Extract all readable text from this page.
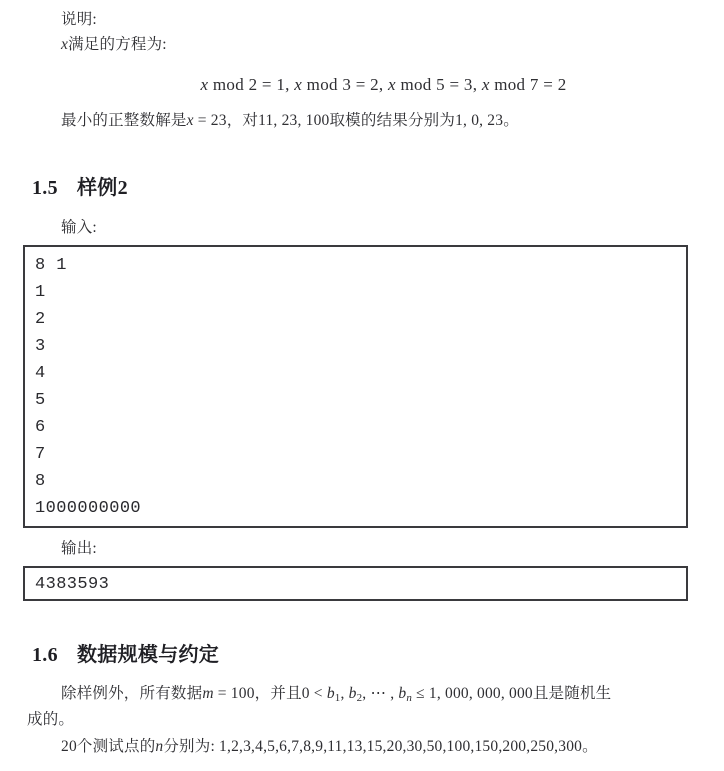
说明:
x满足的方程为:
x mod 2 = 1, x mod 3 = 2, x mod 5 = 3, x mod 7 = 2
最小的正整数解是x = 23，对11, 23, 100取模的结果分别为1, 0, 23。
1.5 样例2
输入:
8 1
1
2
3
4
5
6
7
8
1000000000
输出:
4383593
1.6 数据规模与约定
除样例外，所有数据m = 100，并且0 < b1, b2, ⋯ , bn ≤ 1, 000, 000, 000且是随机生
成的。
20个测试点的n分别为: 1,2,3,4,5,6,7,8,9,11,13,15,20,30,50,100,150,200,250,300。
